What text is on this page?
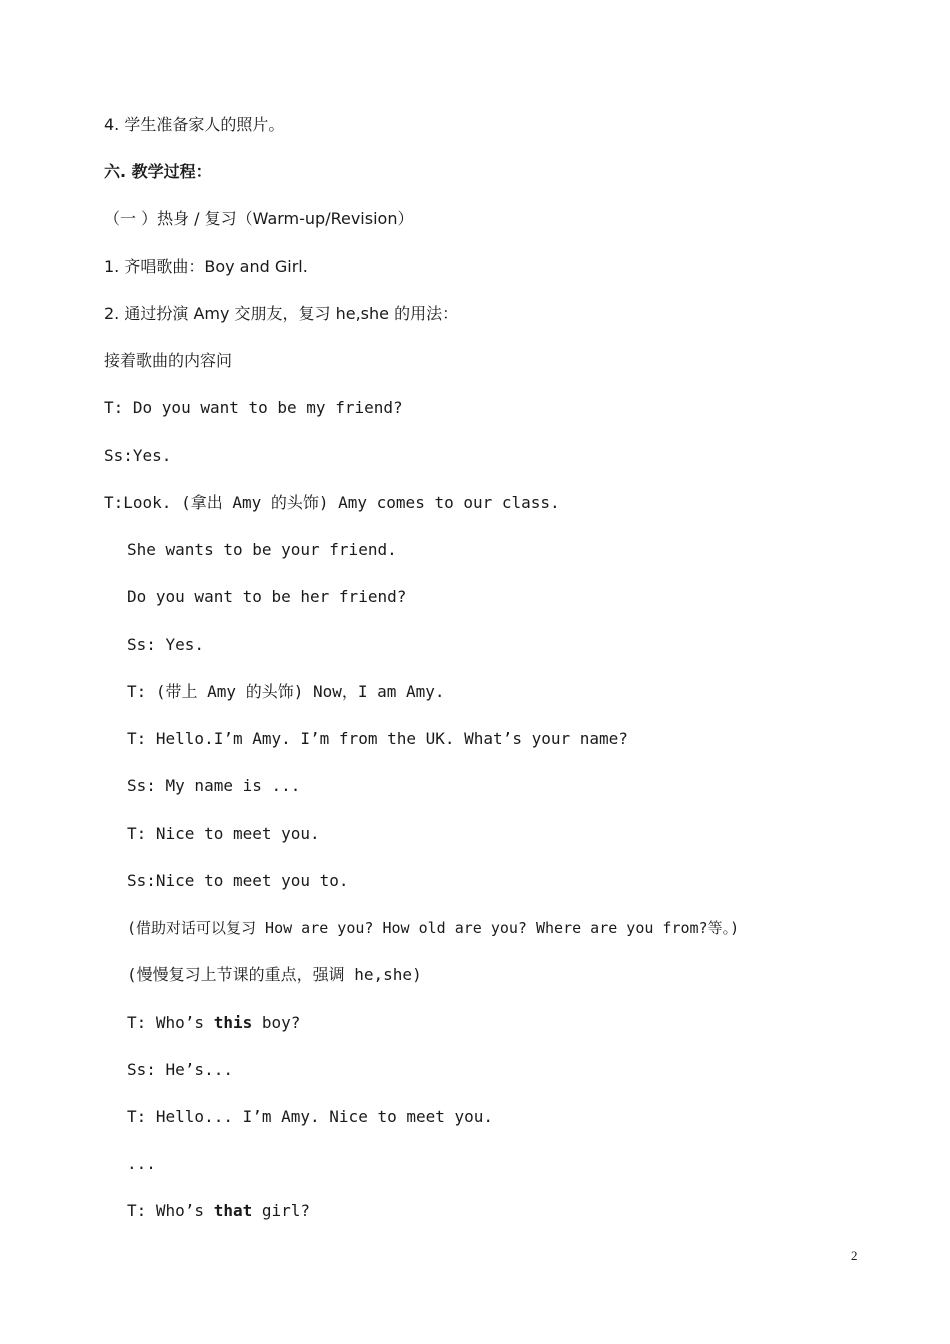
4. 学生准备家人的照片。
六. 教学过程：
（一 ）热身 / 复习（Warm-up/Revision）
1. 齐唱歌曲：Boy and Girl.
2. 通过扮演 Amy 交朋友，复习 he,she 的用法：
接着歌曲的内容问
T: Do you want to be my friend?
Ss:Yes.
T:Look. (拿出 Amy 的头饰) Amy comes to our class.
She wants to be your friend.
Do you want to be her friend?
Ss: Yes.
T: (带上 Amy 的头饰) Now，I am Amy.
T: Hello.I’m Amy. I’m from the UK. What’s your name?
Ss: My name is ...
T: Nice to meet you.
Ss:Nice to meet you to.
(借助对话可以复习 How are you? How old are you? Where are you from?等。)
(慢慢复习上节课的重点，强调 he,she)
T: Who’s this boy?
Ss: He’s...
T: Hello... I’m Amy. Nice to meet you.
...
T: Who’s that girl?
2
